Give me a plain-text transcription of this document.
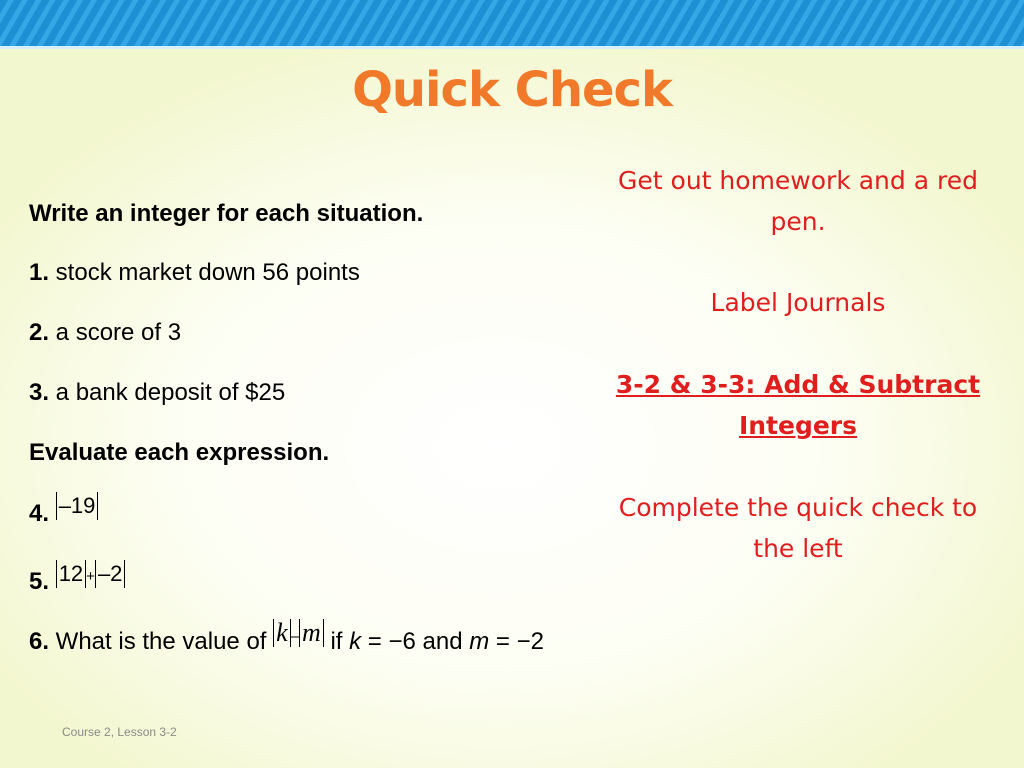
Quick Check
Write an integer for each situation.
1. stock market down 56 points
2. a score of 3
3. a bank deposit of $25
Evaluate each expression.
4. –19
5. 12 + –2
6. What is the value of k – m if k = −6 and m = −2
Get out homework and a red pen.
Label Journals
3-2 & 3-3: Add & Subtract Integers
Complete the quick check to the left
Course 2, Lesson 3-2
